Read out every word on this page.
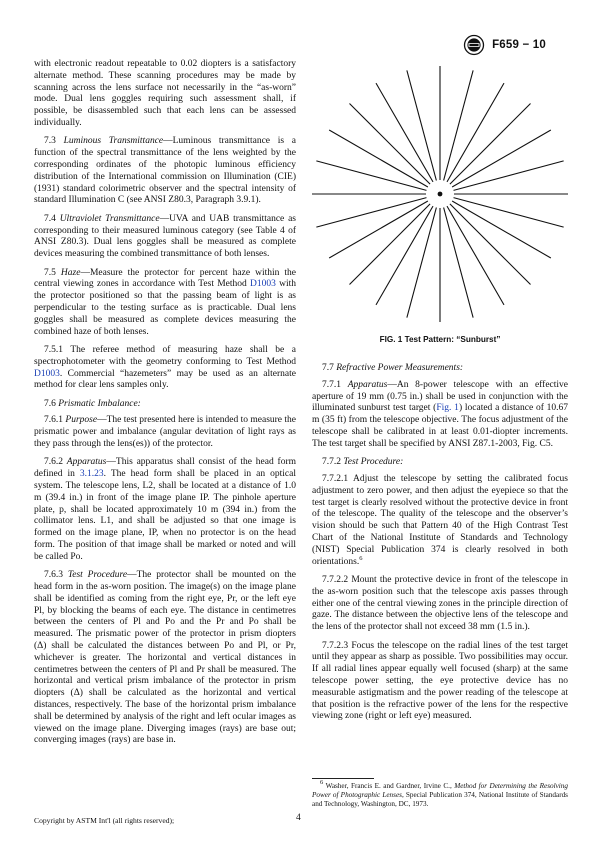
F659 − 10

with electronic readout repeatable to 0.02 diopters is a satisfactory alternate method. These scanning procedures may be made by scanning across the lens surface not necessarily in the “as-worn” mode. Dual lens goggles requiring such assessment shall, if possible, be disassembled such that each lens can be assessed individually.

7.3 Luminous Transmittance—Luminous transmittance is a function of the spectral transmittance of the lens weighted by the corresponding ordinates of the photopic luminous efficiency distribution of the International commission on Illumination (CIE) (1931) standard colorimetric observer and the spectral intensity of standard Illumination C (see ANSI Z80.3, Paragraph 3.9.1).

7.4 Ultraviolet Transmittance—UVA and UAB transmittance as corresponding to their measured luminous category (see Table 4 of ANSI Z80.3). Dual lens goggles shall be measured as complete devices measuring the combined transmittance of both lenses.

7.5 Haze—Measure the protector for percent haze within the central viewing zones in accordance with Test Method D1003 with the protector positioned so that the passing beam of light is as perpendicular to the testing surface as is practicable. Dual lens goggles shall be measured as complete devices measuring the combined haze of both lenses.

7.5.1 The referee method of measuring haze shall be a spectrophotometer with the geometry conforming to Test Method D1003. Commercial “hazemeters” may be used as an alternate method for clear lens samples only.

7.6 Prismatic Imbalance:

7.6.1 Purpose—The test presented here is intended to measure the prismatic power and imbalance (angular devitation of light rays as they pass through the lens(es)) of the protector.

7.6.2 Apparatus—This apparatus shall consist of the head form defined in 3.1.23. The head form shall be placed in an optical system. The telescope lens, L2, shall be located at a distance of 1.0 m (39.4 in.) in front of the image plane IP. The pinhole aperture plate, p, shall be located approximately 10 m (394 in.) from the collimator lens. L1, and shall be adjusted so that one image is formed on the image plane, IP, when no protector is on the head form. The position of that image shall be marked or noted and will be called Po.

7.6.3 Test Procedure—The protector shall be mounted on the head form in the as-worn position. The image(s) on the image plane shall be identified as coming from the right eye, Pr, or the left eye Pl, by blocking the beams of each eye. The distance in centimetres between the centers of Pl and Po and the Pr and Po shall be measured. The prismatic power of the protector in prism diopters (Δ) shall be calculated the distances between Po and Pl, or Pr, whichever is greater. The horizontal and vertical distances in centimetres between the centers of Pl and Pr shall be measured. The horizontal and vertical prism imbalance of the protector in prism diopters (Δ) shall be calculated as the horizontal and vertical distances, respectively. The base of the horizontal prism imbalance shall be determined by analysis of the right and left ocular images as viewed on the image plane. Diverging images (rays) are base out; converging images (rays) are base in.

FIG. 1 Test Pattern: “Sunburst”

7.7 Refractive Power Measurements:

7.7.1 Apparatus—An 8-power telescope with an effective aperture of 19 mm (0.75 in.) shall be used in conjunction with the illuminated sunburst test target (Fig. 1) located a distance of 10.67 m (35 ft) from the telescope objective. The focus adjustment of the telescope shall be calibrated in at least 0.01-diopter increments. The test target shall be specified by ANSI Z87.1-2003, Fig. C5.

7.7.2 Test Procedure:

7.7.2.1 Adjust the telescope by setting the calibrated focus adjustment to zero power, and then adjust the eyepiece so that the test target is clearly resolved without the protective device in front of the telescope. The quality of the telescope and the observer’s vision should be such that Pattern 40 of the High Contrast Test Chart of the National Institute of Standards and Technology (NIST) Special Publication 374 is clearly resolved in both orientations.$^6$

7.7.2.2 Mount the protective device in front of the telescope in the as-worn position such that the telescope axis passes through either one of the central viewing zones in the principle direction of gaze. The distance between the objective lens of the telescope and the lens of the protector shall not exceed 38 mm (1.5 in.).

7.7.2.3 Focus the telescope on the radial lines of the test target until they appear as sharp as possible. Two possibilities may occur. If all radial lines appear equally well focused (sharp) at the same telescope power setting, the eye protective device has no measurable astigmatism and the power reading of the telescope at that position is the refractive power of the lens for the respective viewing zone (right or left eye) measured.

$^6$ Washer, Francis E. and Gardner, Irvine C., Method for Determining the Resolving Power of Photographic Lenses, Special Publication 374, National Institute of Standards and Technology, Washington, DC, 1973.
Copyright by ASTM Int'l (all rights reserved);	4
